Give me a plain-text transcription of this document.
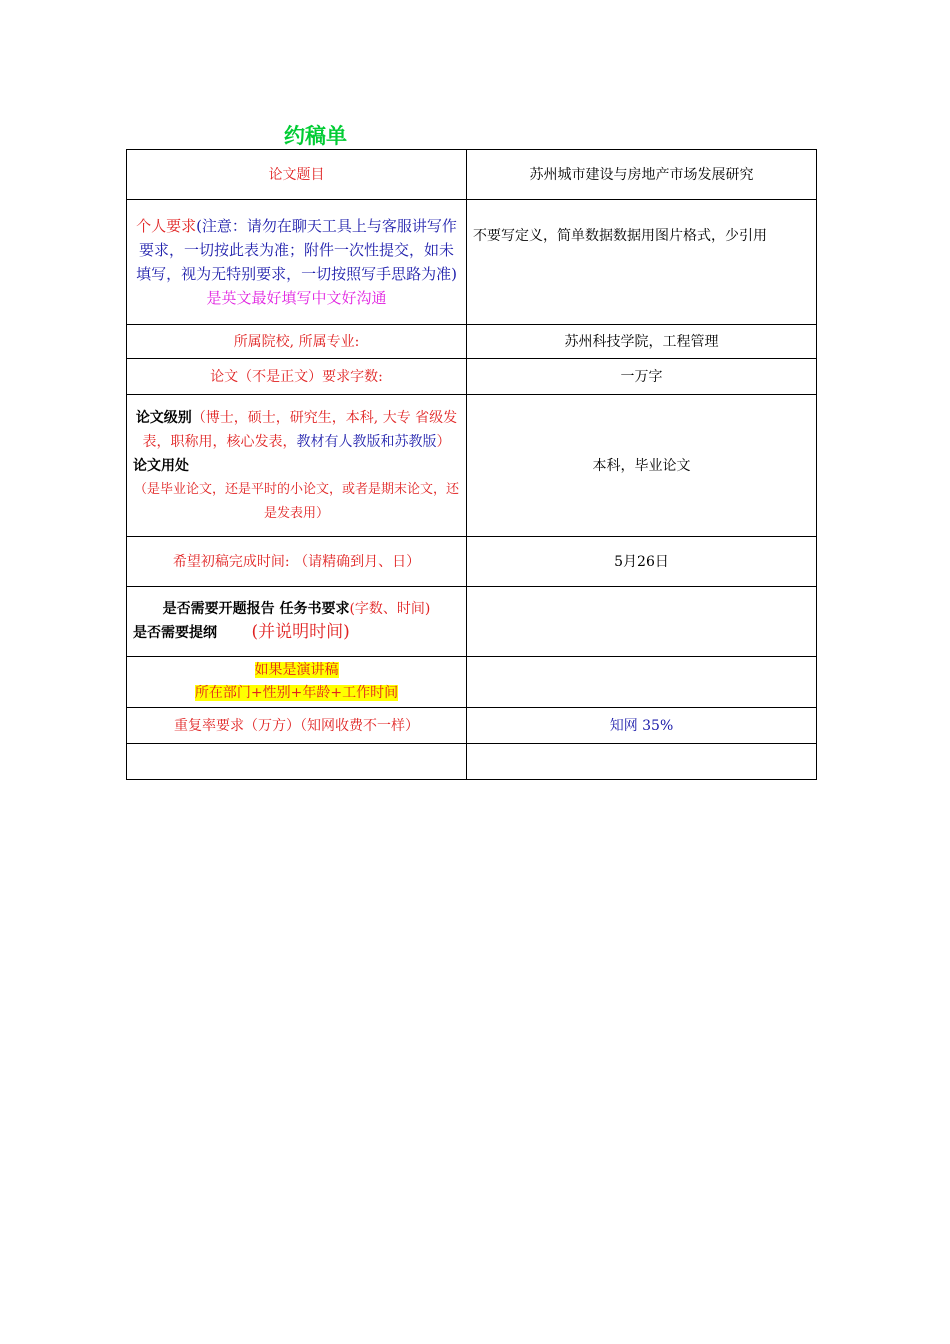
约稿单
论文题目	苏州城市建设与房地产市场发展研究
个人要求(注意：请勿在聊天工具上与客服讲写作要求，一切按此表为准；附件一次性提交，如未填写，视为无特别要求，一切按照写手思路为准)是英文最好填写中文好沟通	不要写定义，简单数据数据用图片格式，少引用
所属院校, 所属专业:	苏州科技学院，工程管理
论文（不是正文）要求字数:	一万字

论文级别（博士，硕士，研究生，本科, 大专 省级发表，职称用，核心发表，教材有人教版和苏教版）
论文用处
（是毕业论文，还是平时的小论文，或者是期末论文，还是发表用）	本科，毕业论文
希望初稿完成时间: （请精确到月、日）	5月26日

是否需要开题报告 任务书要求(字数、时间)
是否需要提纲 (并说明时间)	

如果是演讲稿
所在部门+性别+年龄+工作时间	

重复率要求（万方）（知网收费不一样）	知网 35%
